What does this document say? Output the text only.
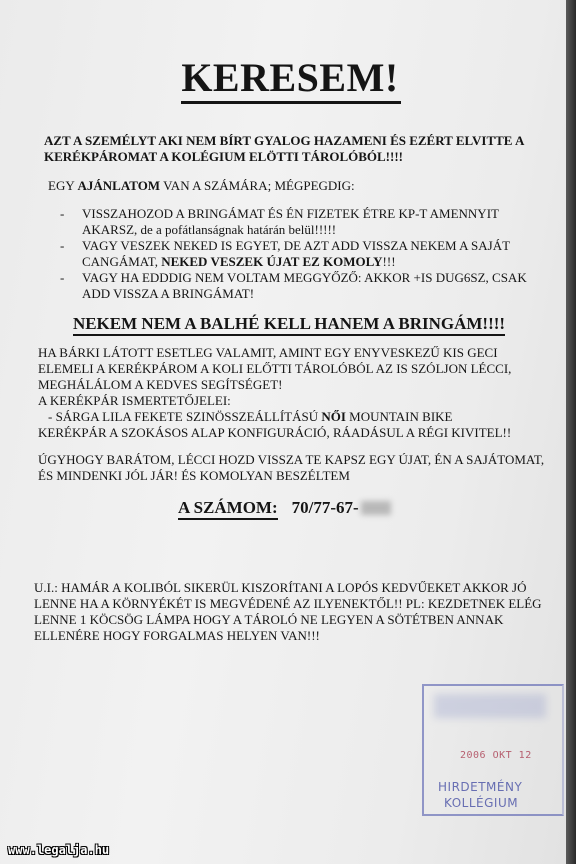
KERESEM!
AZT A SZEMÉLYT AKI NEM BÍRT GYALOG HAZAMENI ÉS EZÉRT ELVITTE A KERÉKPÁROMAT A KOLÉGIUM ELÖTTI TÁROLÓBÓL!!!!
EGY AJÁNLATOM VAN A SZÁMÁRA; MÉGPEGDIG:
- VISSZAHOZOD A BRINGÁMAT ÉS ÉN FIZETEK ÉTRE KP-T AMENNYIT AKARSZ, de a pofátlanságnak határán belül!!!!!
- VAGY VESZEK NEKED IS EGYET, DE AZT ADD VISSZA NEKEM A SAJÁT CANGÁMAT, NEKED VESZEK ÚJAT EZ KOMOLY!!!
- VAGY HA EDDDIG NEM VOLTAM MEGGYŐZŐ: AKKOR +IS DUG6SZ, CSAK ADD VISSZA A BRINGÁMAT!
NEKEM NEM A BALHÉ KELL HANEM A BRINGÁM!!!!
HA BÁRKI LÁTOTT ESETLEG VALAMIT, AMINT EGY ENYVESKEZŰ KIS GECI ELEMELI A KERÉKPÁROM A KOLI ELŐTTI TÁROLÓBÓL AZ IS SZÓLJON LÉCCI, MEGHÁLÁLOM A KEDVES SEGÍTSÉGET!
A KERÉKPÁR ISMERTETŐJELEI:

- SÁRGA LILA FEKETE SZINÖSSZEÁLLÍTÁSÚ NŐI MOUNTAIN BIKE
KERÉKPÁR A SZOKÁSOS ALAP KONFIGURÁCIÓ, RÁADÁSUL A RÉGI KIVITEL!!
ÚGYHOGY BARÁTOM, LÉCCI HOZD VISSZA TE KAPSZ EGY ÚJAT, ÉN A SAJÁTOMAT, ÉS MINDENKI JÓL JÁR! ÉS KOMOLYAN BESZÉLTEM
A SZÁMOM: 70/77-67-
U.I.: HAMÁR A KOLIBÓL SIKERÜL KISZORÍTANI A LOPÓS KEDVŰEKET AKKOR JÓ LENNE HA A KÖRNYÉKÉT IS MEGVÉDENÉ AZ ILYENEKTŐL!! PL: KEZDETNEK ELÉG LENNE 1 KÖCSÖG LÁMPA HOGY A TÁROLÓ NE LEGYEN A SÖTÉTBEN ANNAK ELLENÉRE HOGY FORGALMAS HELYEN VAN!!!
2006 OKT 12
HIRDETMÉNY
KOLLÉGIUM
www.legalja.hu
